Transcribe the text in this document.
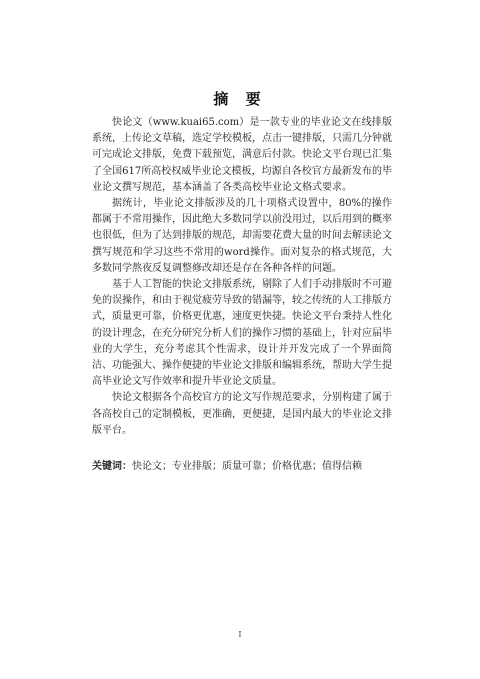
摘 要

快论文（www.kuai65.com）是一款专业的毕业论文在线排版系统，上传论文草稿，选定学校模板，点击一键排版，只需几分钟就可完成论文排版，免费下载预览，满意后付款。快论文平台现已汇集了全国617所高校权威毕业论文模板，均源自各校官方最新发布的毕业论文撰写规范，基本涵盖了各类高校毕业论文格式要求。

据统计，毕业论文排版涉及的几十项格式设置中，80%的操作都属于不常用操作，因此绝大多数同学以前没用过，以后用到的概率也很低，但为了达到排版的规范，却需要花费大量的时间去解读论文撰写规范和学习这些不常用的word操作。面对复杂的格式规范，大多数同学熬夜反复调整修改却还是存在各种各样的问题。

基于人工智能的快论文排版系统，剔除了人们手动排版时不可避免的误操作，和由于视觉疲劳导致的错漏等，较之传统的人工排版方式，质量更可靠，价格更优惠，速度更快捷。快论文平台秉持人性化的设计理念，在充分研究分析人们的操作习惯的基础上，针对应届毕业的大学生，充分考虑其个性需求，设计并开发完成了一个界面简洁、功能强大、操作便捷的毕业论文排版和编辑系统，帮助大学生提高毕业论文写作效率和提升毕业论文质量。

快论文根据各个高校官方的论文写作规范要求，分别构建了属于各高校自己的定制模板，更准确，更便捷，是国内最大的毕业论文排版平台。

关键词：快论文；专业排版；质量可靠；价格优惠；值得信赖
I
